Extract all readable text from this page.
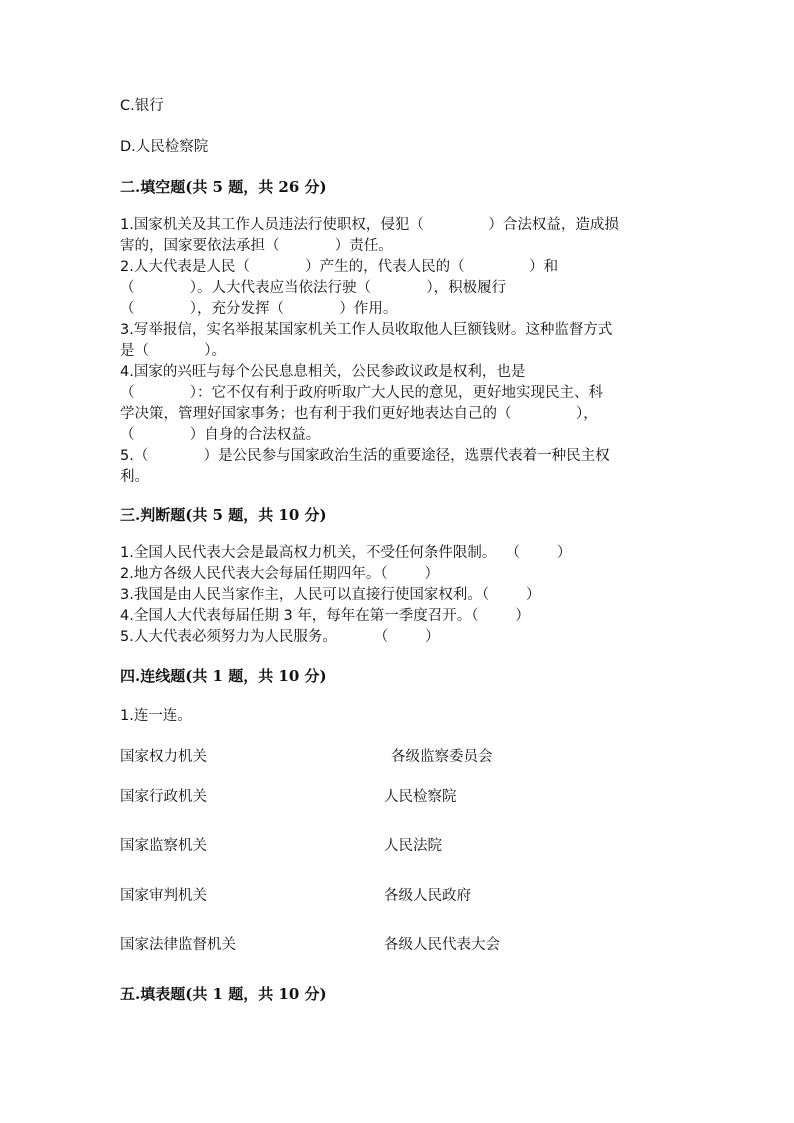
C.银行
D.人民检察院
二.填空题(共 5 题，共 26 分)
1.国家机关及其工作人员违法行使职权，侵犯（              ）合法权益，造成损
害的，国家要依法承担（            ）责任。
2.人大代表是人民（            ）产生的，代表人民的（              ）和
（            ）。人大代表应当依法行驶（            ），积极履行
（            ），充分发挥（            ）作用。
3.写举报信，实名举报某国家机关工作人员收取他人巨额钱财。这种监督方式
是（            ）。
4.国家的兴旺与每个公民息息相关，公民参政议政是权利，也是
（            ）：它不仅有利于政府听取广大人民的意见，更好地实现民主、科
学决策，管理好国家事务；也有利于我们更好地表达自己的（              ），
（            ）自身的合法权益。
5.（            ）是公民参与国家政治生活的重要途径，选票代表着一种民主权
利。
三.判断题(共 5 题，共 10 分)
1.全国人民代表大会是最高权力机关，不受任何条件限制。  （        ）
2.地方各级人民代表大会每届任期四年。（        ）
3.我国是由人民当家作主，人民可以直接行使国家权利。（        ）
4.全国人大代表每届任期 3 年，每年在第一季度召开。（        ）
5.人大代表必须努力为人民服务。        （        ）
四.连线题(共 1 题，共 10 分)
1.连一连。
国家权力机关	各级监察委员会
国家行政机关	人民检察院
国家监察机关	人民法院
国家审判机关	各级人民政府
国家法律监督机关	各级人民代表大会
五.填表题(共 1 题，共 10 分)
